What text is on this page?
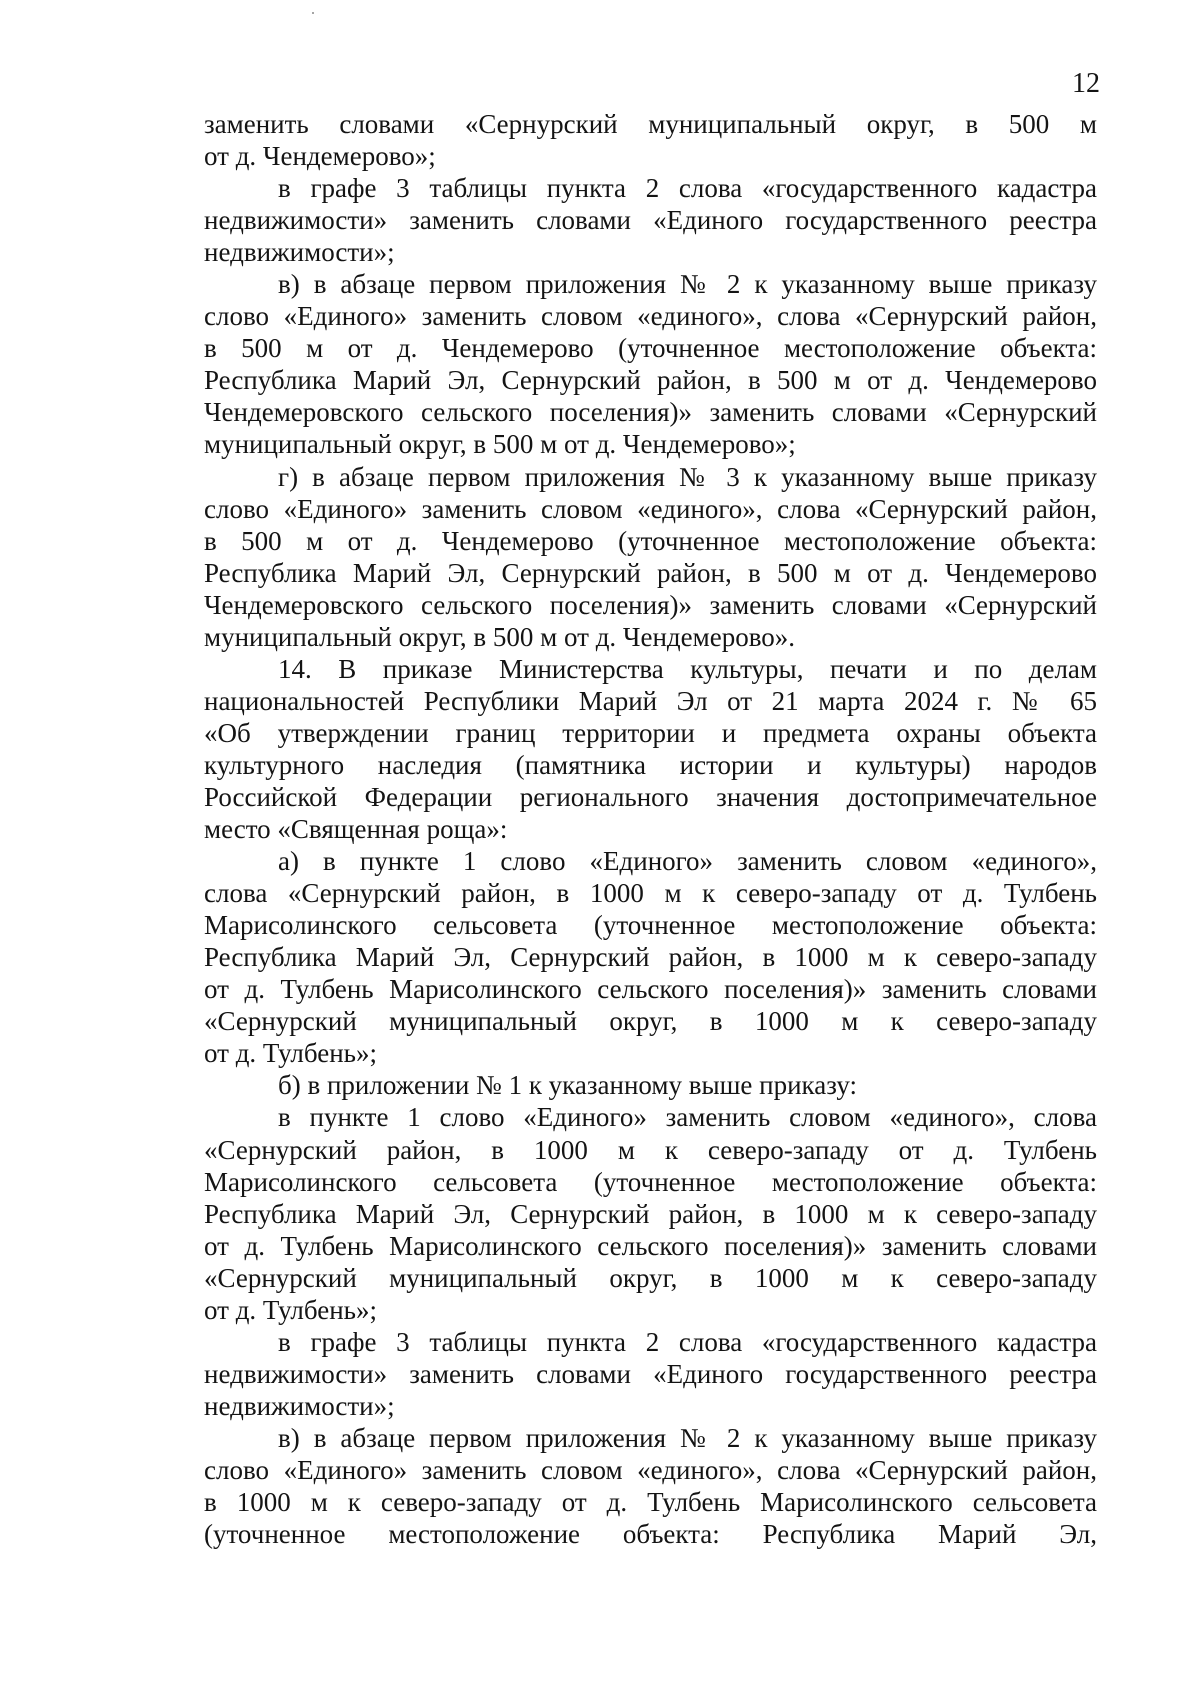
12
заменить словами «Сернурский муниципальный округ, в 500 м
от д. Чендемерово»;
в графе 3 таблицы пункта 2 слова «государственного кадастра
недвижимости» заменить словами «Единого государственного реестра
недвижимости»;
в) в абзаце первом приложения № 2 к указанному выше приказу
слово «Единого» заменить словом «единого», слова «Сернурский район,
в 500 м от д. Чендемерово (уточненное местоположение объекта:
Республика Марий Эл, Сернурский район, в 500 м от д. Чендемерово
Чендемеровского сельского поселения)» заменить словами «Сернурский
муниципальный округ, в 500 м от д. Чендемерово»;
г) в абзаце первом приложения № 3 к указанному выше приказу
слово «Единого» заменить словом «единого», слова «Сернурский район,
в 500 м от д. Чендемерово (уточненное местоположение объекта:
Республика Марий Эл, Сернурский район, в 500 м от д. Чендемерово
Чендемеровского сельского поселения)» заменить словами «Сернурский
муниципальный округ, в 500 м от д. Чендемерово».
14. В приказе Министерства культуры, печати и по делам
национальностей Республики Марий Эл от 21 марта 2024 г. № 65
«Об утверждении границ территории и предмета охраны объекта
культурного наследия (памятника истории и культуры) народов
Российской Федерации регионального значения достопримечательное
место «Священная роща»:
а) в пункте 1 слово «Единого» заменить словом «единого»,
слова «Сернурский район, в 1000 м к северо-западу от д. Тулбень
Марисолинского сельсовета (уточненное местоположение объекта:
Республика Марий Эл, Сернурский район, в 1000 м к северо-западу
от д. Тулбень Марисолинского сельского поселения)» заменить словами
«Сернурский муниципальный округ, в 1000 м к северо-западу
от д. Тулбень»;
б) в приложении № 1 к указанному выше приказу:
в пункте 1 слово «Единого» заменить словом «единого», слова
«Сернурский район, в 1000 м к северо-западу от д. Тулбень
Марисолинского сельсовета (уточненное местоположение объекта:
Республика Марий Эл, Сернурский район, в 1000 м к северо-западу
от д. Тулбень Марисолинского сельского поселения)» заменить словами
«Сернурский муниципальный округ, в 1000 м к северо-западу
от д. Тулбень»;
в графе 3 таблицы пункта 2 слова «государственного кадастра
недвижимости» заменить словами «Единого государственного реестра
недвижимости»;
в) в абзаце первом приложения № 2 к указанному выше приказу
слово «Единого» заменить словом «единого», слова «Сернурский район,
в 1000 м к северо-западу от д. Тулбень Марисолинского сельсовета
(уточненное местоположение объекта: Республика Марий Эл,
